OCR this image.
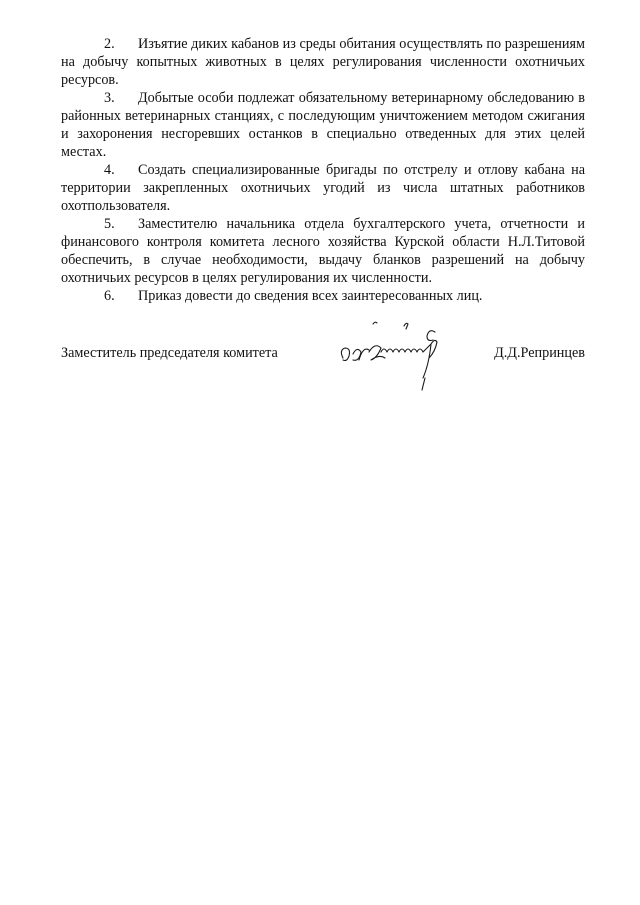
2. Изъятие диких кабанов из среды обитания осуществлять по разрешениям на добычу копытных животных в целях регулирования численности охотничьих ресурсов.

3. Добытые особи подлежат обязательному ветеринарному обследованию в районных ветеринарных станциях, с последующим уничтожением методом сжигания и захоронения несгоревших останков в специально отведенных для этих целей местах.

4. Создать специализированные бригады по отстрелу и отлову кабана на территории закрепленных охотничьих угодий из числа штатных работников охотпользователя.

5. Заместителю начальника отдела бухгалтерского учета, отчетности и финансового контроля комитета лесного хозяйства Курской области Н.Л.Титовой обеспечить, в случае необходимости, выдачу бланков разрешений на добычу охотничьих ресурсов в целях регулирования их численности.

6. Приказ довести до сведения всех заинтересованных лиц.

Заместитель председателя комитета	Д.Д.Репринцев
